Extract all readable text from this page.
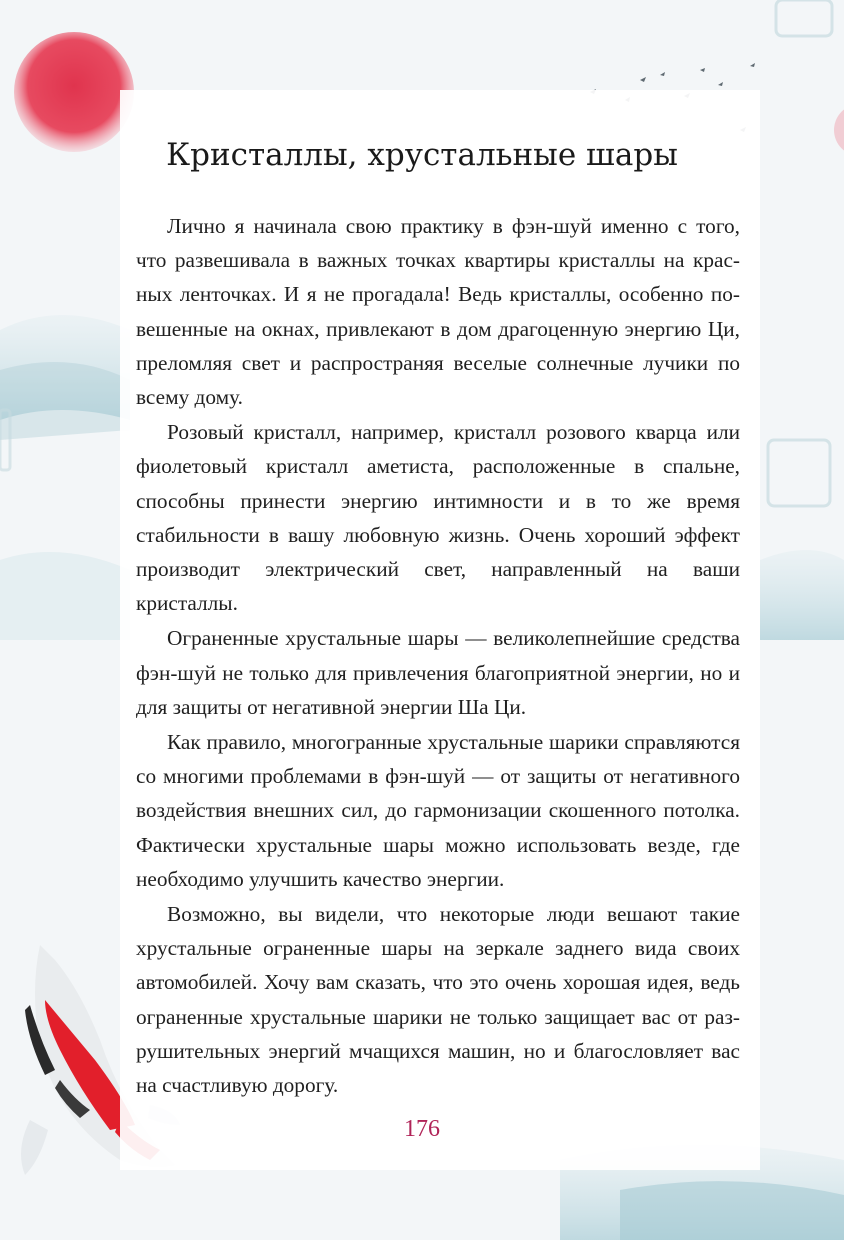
Кристаллы, хрустальные шары

Лично я начинала свою практику в фэн-шуй именно с того, что развешивала в важных точках квартиры кристаллы на красных ленточках. И я не прогадала! Ведь кристаллы, особенно повешенные на окнах, привлекают в дом драгоценную энергию Ци, преломляя свет и распространяя веселые солнечные лучики по всему дому.

Розовый кристалл, например, кристалл розового кварца или фиолетовый кристалл аметиста, расположенные в спальне, способны принести энергию интимности и в то же время стабильности в вашу любовную жизнь. Очень хороший эффект производит электрический свет, направленный на ваши кристаллы.

Ограненные хрустальные шары — великолепнейшие средства фэн-шуй не только для привлечения благоприятной энергии, но и для защиты от негативной энергии Ша Ци.

Как правило, многогранные хрустальные шарики справляются со многими проблемами в фэн-шуй — от защиты от негативного воздействия внешних сил, до гармонизации скошенного потолка. Фактически хрустальные шары можно использовать везде, где необходимо улучшить качество энергии.

Возможно, вы видели, что некоторые люди вешают такие хрустальные ограненные шары на зеркале заднего вида своих автомобилей. Хочу вам сказать, что это очень хорошая идея, ведь ограненные хрустальные шарики не только защищает вас от разрушительных энергий мчащихся машин, но и благословляет вас на счастливую дорогу.

176
